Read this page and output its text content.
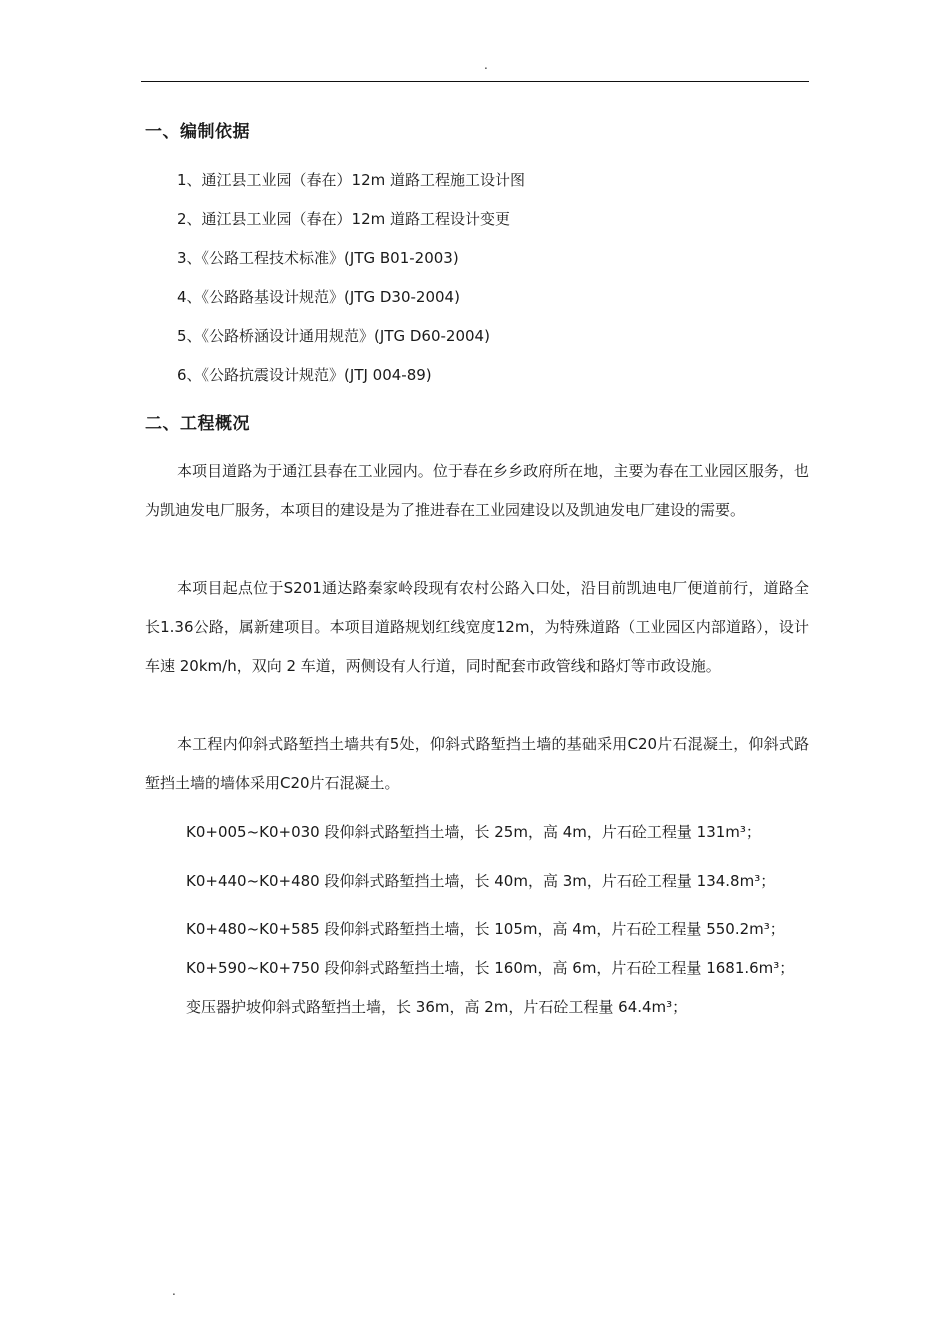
.
一、编制依据
1、通江县工业园（春在）12m 道路工程施工设计图
2、通江县工业园（春在）12m 道路工程设计变更
3、《公路工程技术标准》(JTG B01-2003)
4、《公路路基设计规范》(JTG D30-2004)
5、《公路桥涵设计通用规范》(JTG D60-2004)
6、《公路抗震设计规范》(JTJ 004-89)
二、工程概况
本项目道路为于通江县春在工业园内。位于春在乡乡政府所在地，主要为春在工业园区服务，也为凯迪发电厂服务，本项目的建设是为了推进春在工业园建设以及凯迪发电厂建设的需要。
本项目起点位于S201通达路秦家岭段现有农村公路入口处，沿目前凯迪电厂便道前行，道路全长1.36公路，属新建项目。本项目道路规划红线宽度12m，为特殊道路（工业园区内部道路），设计车速 20km/h，双向 2 车道，两侧设有人行道，同时配套市政管线和路灯等市政设施。
本工程内仰斜式路堑挡土墙共有5处，仰斜式路堑挡土墙的基础采用C20片石混凝土，仰斜式路堑挡土墙的墙体采用C20片石混凝土。
K0+005~K0+030 段仰斜式路堑挡土墙，长 25m，高 4m，片石砼工程量 131m³；
K0+440~K0+480 段仰斜式路堑挡土墙，长 40m，高 3m，片石砼工程量 134.8m³；
K0+480~K0+585 段仰斜式路堑挡土墙，长 105m，高 4m，片石砼工程量 550.2m³；
K0+590~K0+750 段仰斜式路堑挡土墙，长 160m，高 6m，片石砼工程量 1681.6m³；
变压器护坡仰斜式路堑挡土墙，长 36m，高 2m，片石砼工程量 64.4m³；
.
